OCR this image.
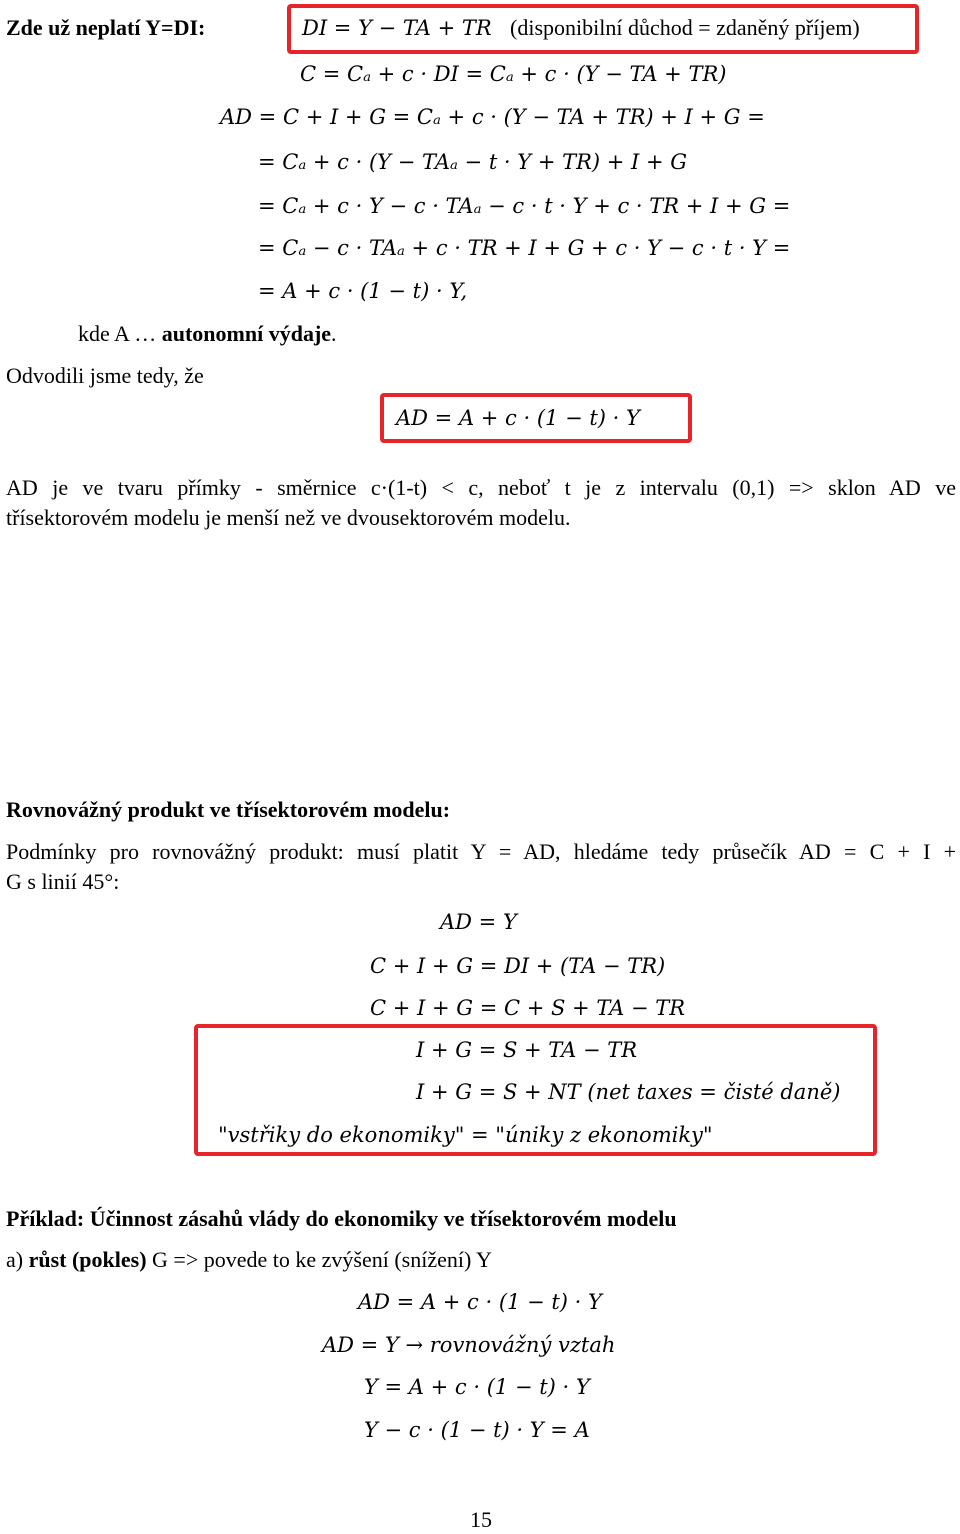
Zde už neplatí Y=DI:	DI = Y − TA + TR (disponibilní důchod = zdaněný příjem)
C = Cₐ + c · DI = Cₐ + c · (Y − TA + TR)
AD = C + I + G = Cₐ + c · (Y − TA + TR) + I + G =
= Cₐ + c · (Y − TAₐ − t · Y + TR) + I + G
= Cₐ + c · Y − c · TAₐ − c · t · Y + c · TR + I + G =
= Cₐ − c · TAₐ + c · TR + I + G + c · Y − c · t · Y =
= A + c · (1 − t) · Y,
kde A … autonomní výdaje.
Odvodili jsme tedy, že
AD = A + c · (1 − t) · Y
AD je ve tvaru přímky - směrnice c·(1-t) < c, neboť t je z intervalu (0,1) => sklon AD ve
třísektorovém modelu je menší než ve dvousektorovém modelu.
Rovnovážný produkt ve třísektorovém modelu:
Podmínky pro rovnovážný produkt: musí platit Y = AD, hledáme tedy průsečík AD = C + I +
G s linií 45°:
AD = Y
C + I + G = DI + (TA − TR)
C + I + G = C + S + TA − TR
I + G = S + TA − TR
I + G = S + NT (net taxes = čisté daně)
"vstřiky do ekonomiky" = "úniky z ekonomiky"
Příklad: Účinnost zásahů vlády do ekonomiky ve třísektorovém modelu
a) růst (pokles) G => povede to ke zvýšení (snížení) Y
AD = A + c · (1 − t) · Y
AD = Y → rovnovážný vztah
Y = A + c · (1 − t) · Y
Y − c · (1 − t) · Y = A
15
